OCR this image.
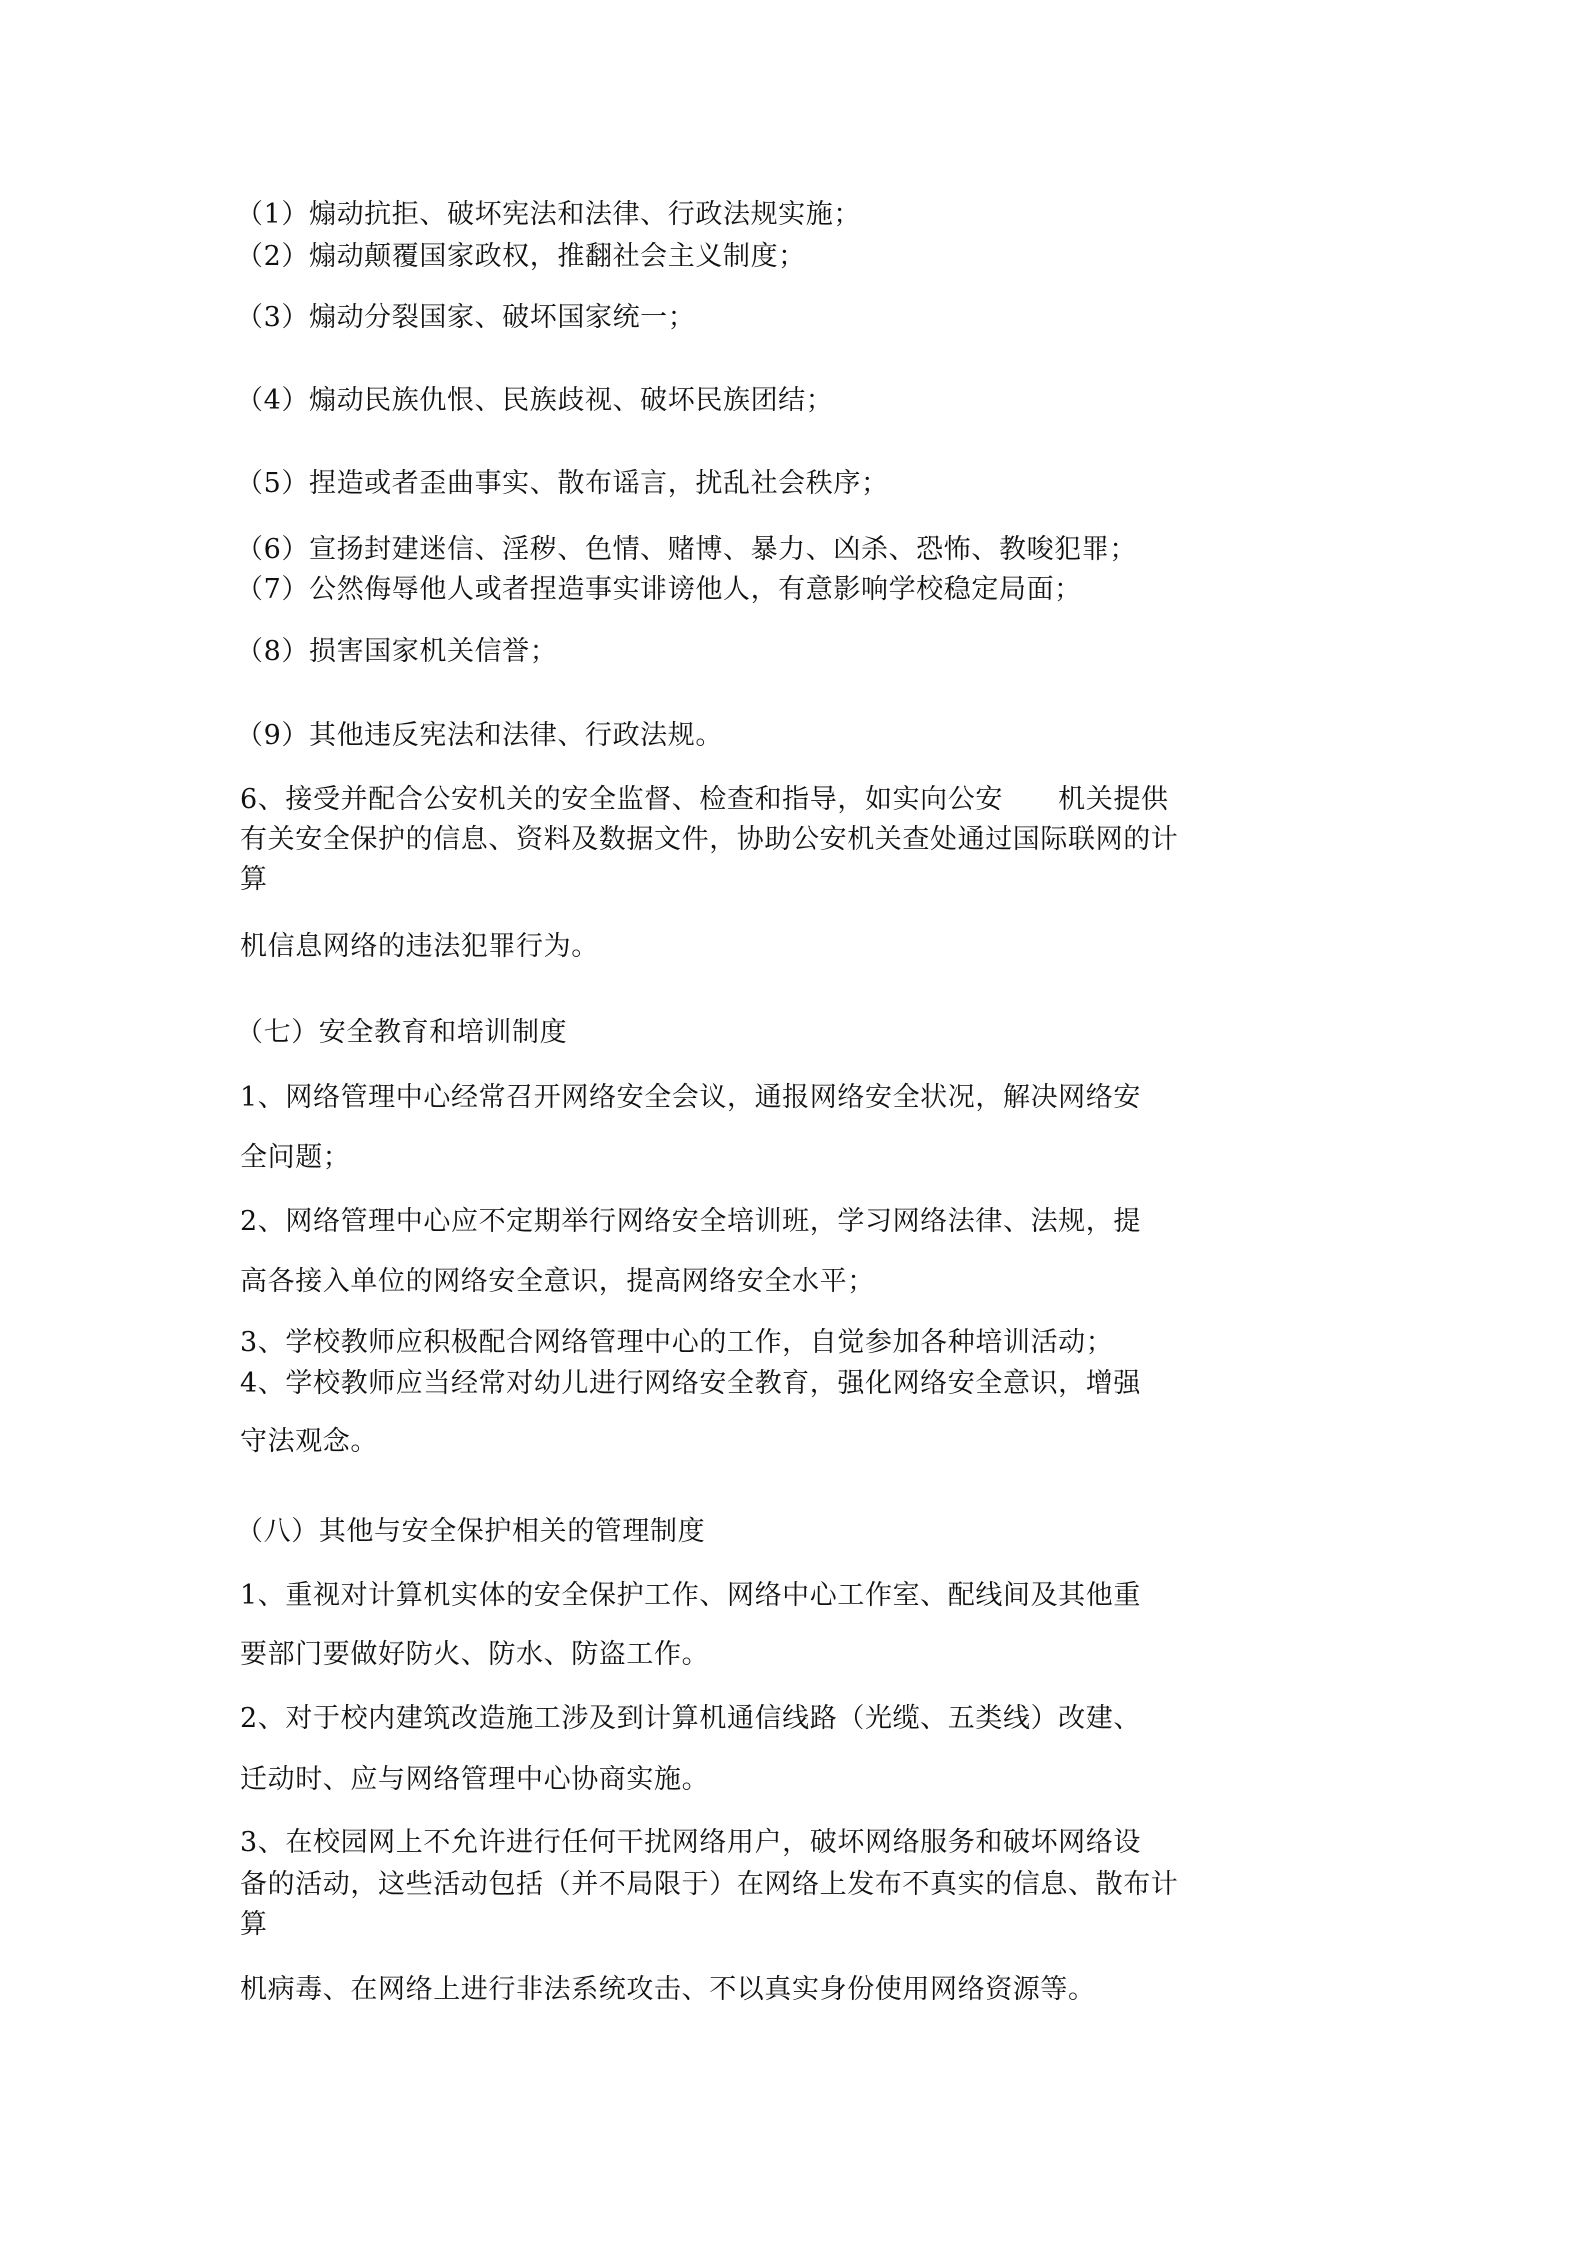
（1）煽动抗拒、破坏宪法和法律、行政法规实施；
（2）煽动颠覆国家政权，推翻社会主义制度；
（3）煽动分裂国家、破坏国家统一；
（4）煽动民族仇恨、民族歧视、破坏民族团结；
（5）捏造或者歪曲事实、散布谣言，扰乱社会秩序；
（6）宣扬封建迷信、淫秽、色情、赌博、暴力、凶杀、恐怖、教唆犯罪；
（7）公然侮辱他人或者捏造事实诽谤他人，有意影响学校稳定局面；
（8）损害国家机关信誉；
（9）其他违反宪法和法律、行政法规。
6、接受并配合公安机关的安全监督、检查和指导，如实向公安　　机关提供
有关安全保护的信息、资料及数据文件，协助公安机关查处通过国际联网的计
算
机信息网络的违法犯罪行为。
（七）安全教育和培训制度
1、网络管理中心经常召开网络安全会议，通报网络安全状况，解决网络安
全问题；
2、网络管理中心应不定期举行网络安全培训班，学习网络法律、法规，提
高各接入单位的网络安全意识，提高网络安全水平；
3、学校教师应积极配合网络管理中心的工作，自觉参加各种培训活动；
4、学校教师应当经常对幼儿进行网络安全教育，强化网络安全意识，增强
守法观念。
（八）其他与安全保护相关的管理制度
1、重视对计算机实体的安全保护工作、网络中心工作室、配线间及其他重
要部门要做好防火、防水、防盗工作。
2、对于校内建筑改造施工涉及到计算机通信线路（光缆、五类线）改建、
迁动时、应与网络管理中心协商实施。
3、在校园网上不允许进行任何干扰网络用户，破坏网络服务和破坏网络设
备的活动，这些活动包括（并不局限于）在网络上发布不真实的信息、散布计
算
机病毒、在网络上进行非法系统攻击、不以真实身份使用网络资源等。
